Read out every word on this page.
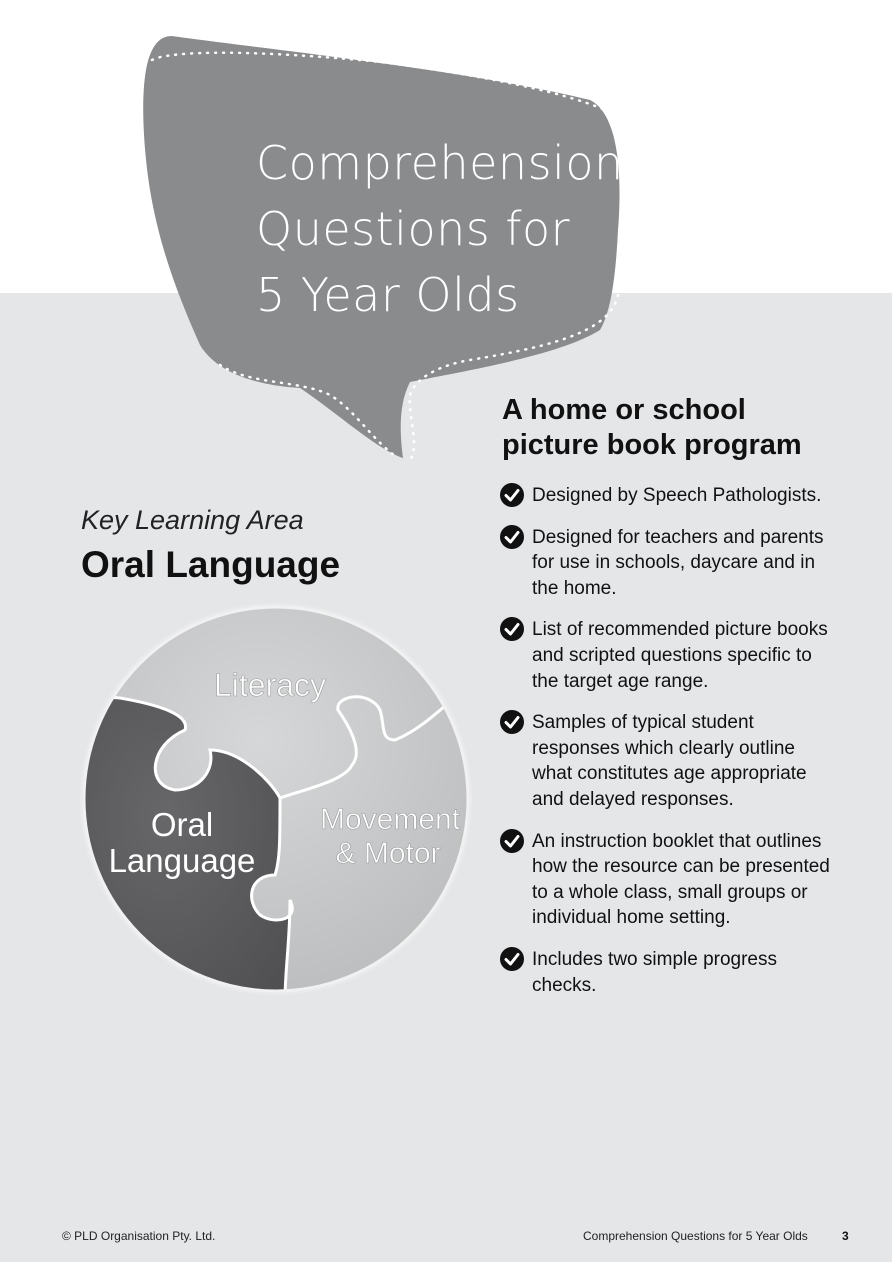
Comprehension
Questions for
5 Year Olds
Key Learning Area
Oral Language
Literacy
Oral
Language
Movement
& Motor
A home or school
picture book program
Designed by Speech Pathologists.
Designed for teachers and parents for use in schools, daycare and in the home.
List of recommended picture books and scripted questions specific to the target age range.
Samples of typical student responses which clearly outline what constitutes age appropriate and delayed responses.
An instruction booklet that outlines how the resource can be presented to a whole class, small groups or individual home setting.
Includes two simple progress checks.
© PLD Organisation Pty. Ltd.	Comprehension Questions for 5 Year Olds	3
